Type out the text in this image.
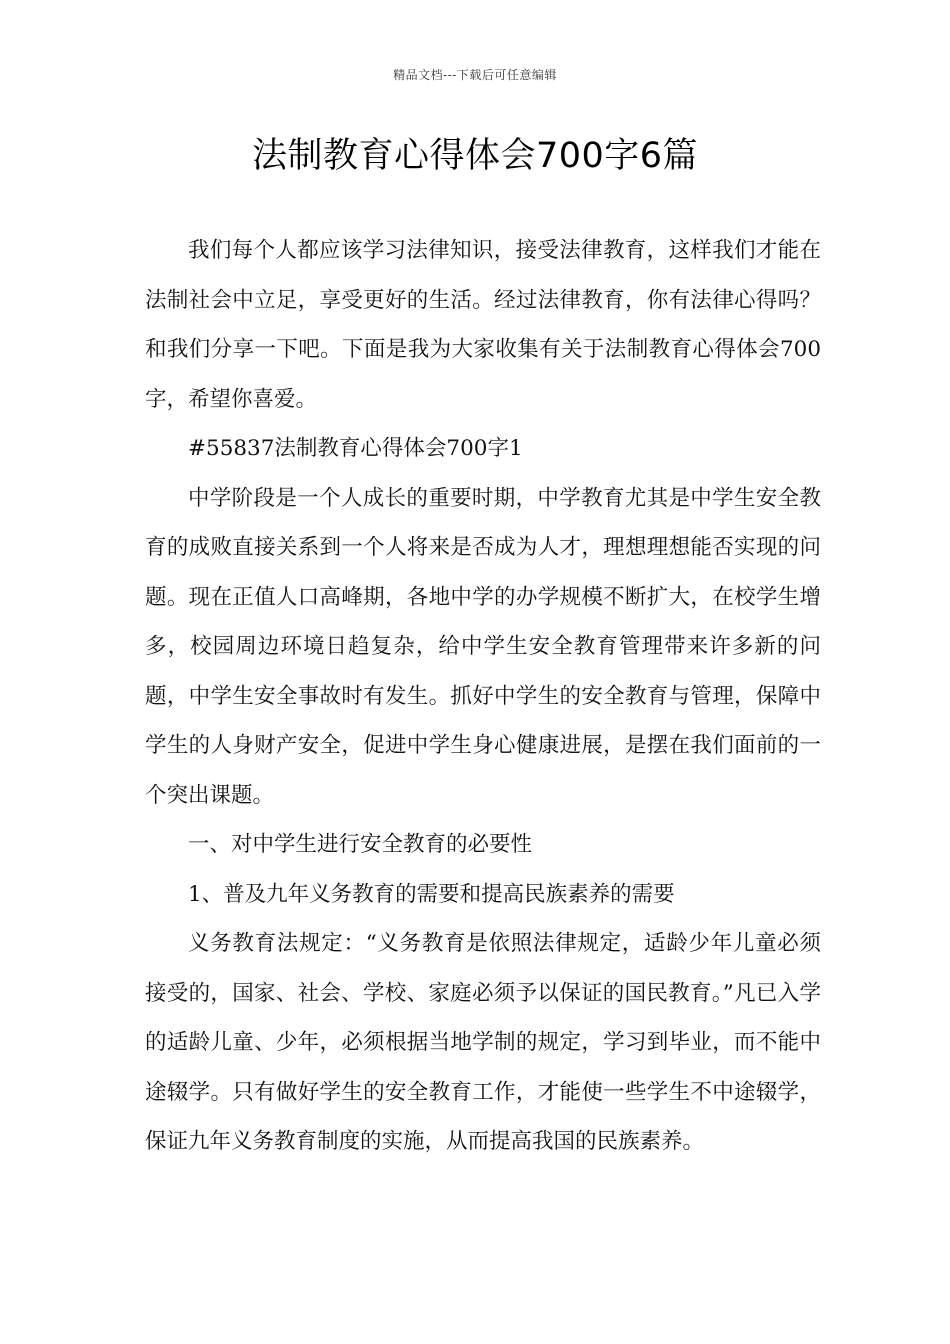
精品文档---下载后可任意编辑
法制教育心得体会700字6篇

我们每个人都应该学习法律知识，接受法律教育，这样我们才能在法制社会中立足，享受更好的生活。经过法律教育，你有法律心得吗？和我们分享一下吧。下面是我为大家收集有关于法制教育心得体会700字，希望你喜爱。

#55837法制教育心得体会700字1

中学阶段是一个人成长的重要时期，中学教育尤其是中学生安全教育的成败直接关系到一个人将来是否成为人才，理想理想能否实现的问题。现在正值人口高峰期，各地中学的办学规模不断扩大，在校学生增多，校园周边环境日趋复杂，给中学生安全教育管理带来许多新的问题，中学生安全事故时有发生。抓好中学生的安全教育与管理，保障中学生的人身财产安全，促进中学生身心健康进展，是摆在我们面前的一个突出课题。

一、对中学生进行安全教育的必要性

1、普及九年义务教育的需要和提高民族素养的需要

义务教育法规定：“义务教育是依照法律规定，适龄少年儿童必须接受的，国家、社会、学校、家庭必须予以保证的国民教育。”凡已入学的适龄儿童、少年，必须根据当地学制的规定，学习到毕业，而不能中途辍学。只有做好学生的安全教育工作，才能使一些学生不中途辍学，保证九年义务教育制度的实施，从而提高我国的民族素养。
